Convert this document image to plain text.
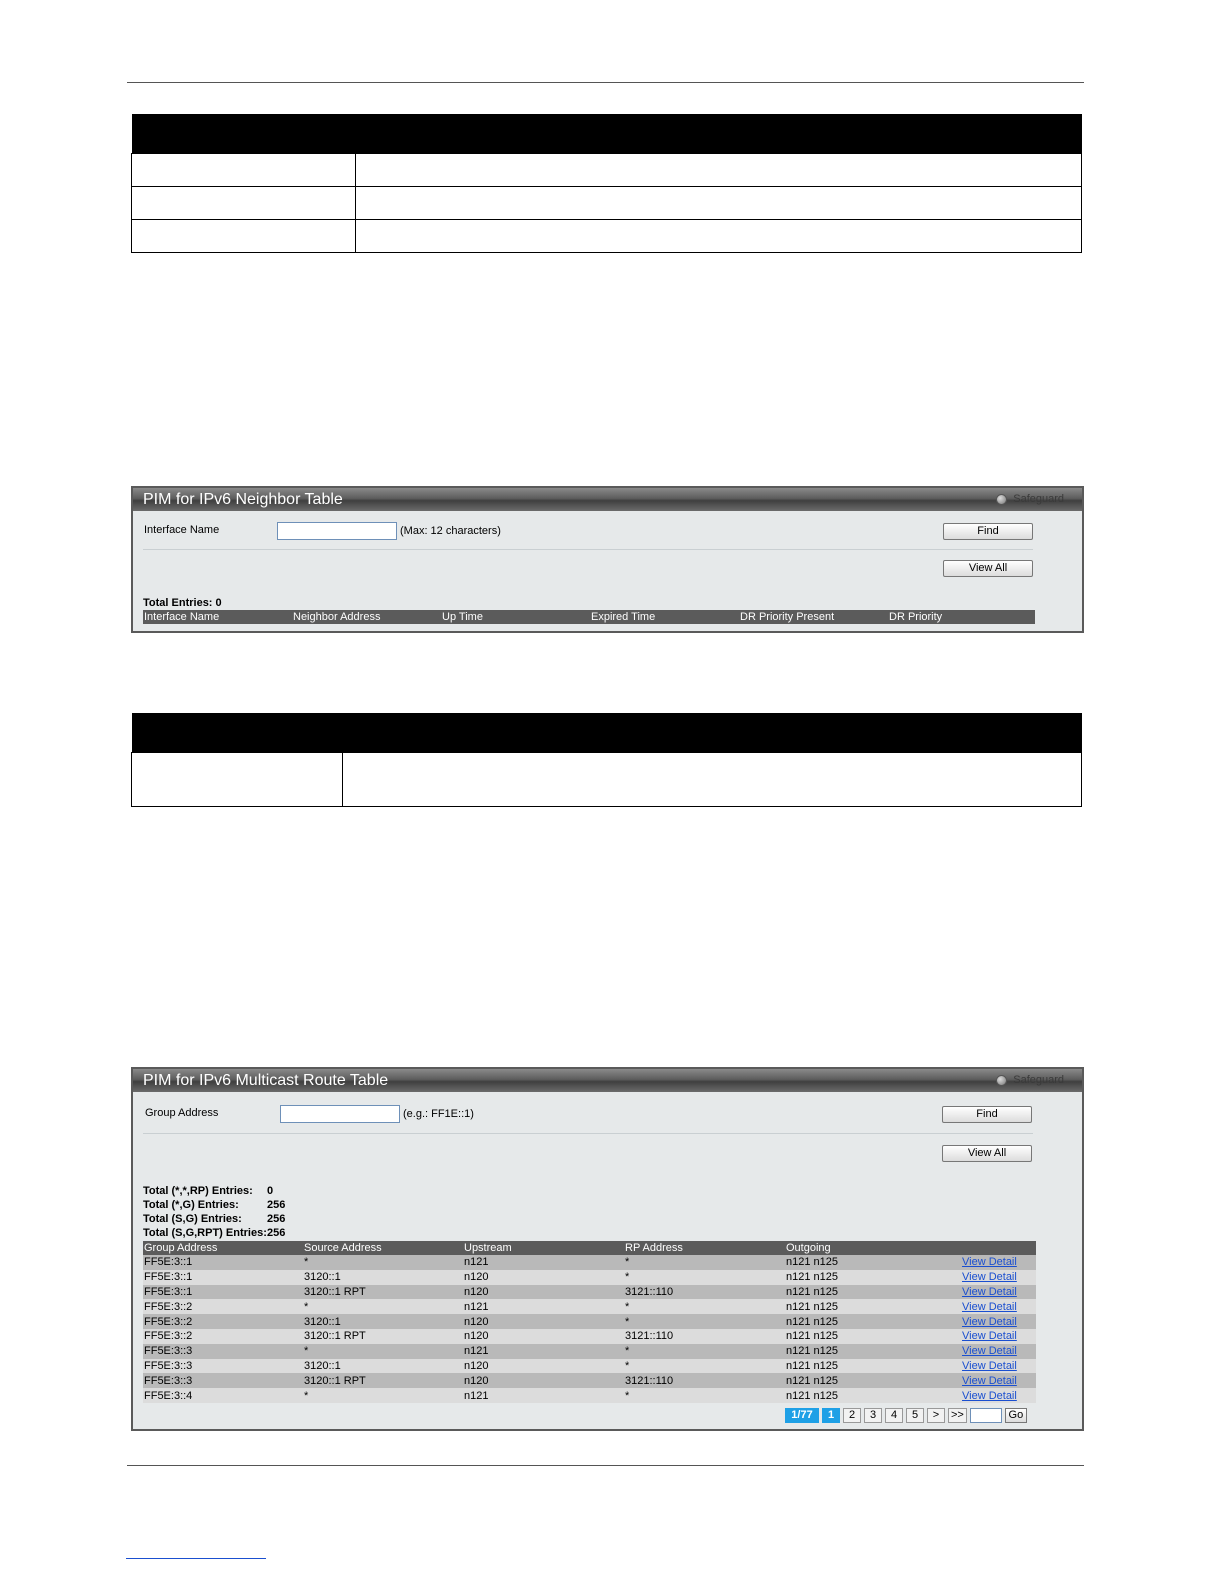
PIM for IPv6 Neighbor Table	Safeguard
Interface Name	(Max: 12 characters)	Find
View All
Total Entries: 0
Interface Name	Neighbor Address	Up Time	Expired Time	DR Priority Present	DR Priority

PIM for IPv6 Multicast Route Table	Safeguard
Group Address	(e.g.: FF1E::1)	Find
View All
Total (*,*,RP) Entries: 0
Total (*,G) Entries:	256
Total (S,G) Entries: 256
Total (S,G,RPT) Entries: 256
Group Address	Source Address	Upstream	RP Address	Outgoing	
FF5E:3::1	*	n121	*	n121 n125	View Detail
FF5E:3::1	3120::1	n120	*	n121 n125	View Detail
FF5E:3::1	3120::1 RPT	n120	3121::110	n121 n125	View Detail
FF5E:3::2	*	n121	*	n121 n125	View Detail
FF5E:3::2	3120::1	n120	*	n121 n125	View Detail
FF5E:3::2	3120::1 RPT	n120	3121::110	n121 n125	View Detail
FF5E:3::3	*	n121	*	n121 n125	View Detail
FF5E:3::3	3120::1	n120	*	n121 n125	View Detail
FF5E:3::3	3120::1 RPT	n120	3121::110	n121 n125	View Detail
FF5E:3::4	*	n121	*	n121 n125	View Detail
1/77	1	2	3	4	5	>	>>	Go
